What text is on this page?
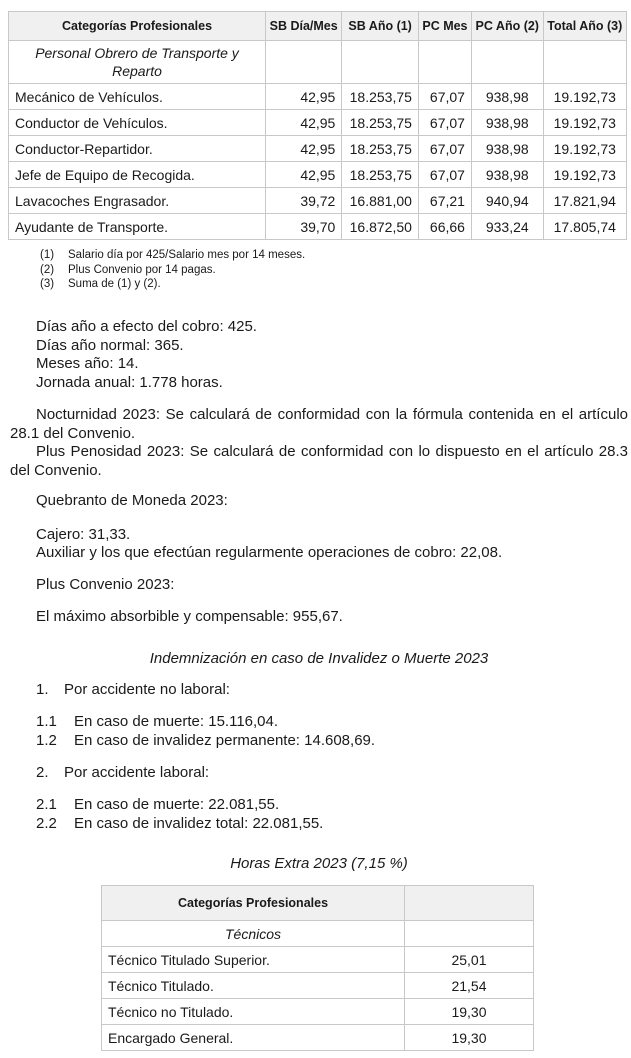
Categorías Profesionales	SB Día/Mes	SB Año (1)	PC Mes	PC Año (2)	Total Año (3)
Personal Obrero de Transporte y Reparto					
Mecánico de Vehículos.	42,95	18.253,75	67,07	938,98	19.192,73
Conductor de Vehículos.	42,95	18.253,75	67,07	938,98	19.192,73
Conductor-Repartidor.	42,95	18.253,75	67,07	938,98	19.192,73
Jefe de Equipo de Recogida.	42,95	18.253,75	67,07	938,98	19.192,73
Lavacoches Engrasador.	39,72	16.881,00	67,21	940,94	17.821,94
Ayudante de Transporte.	39,70	16.872,50	66,66	933,24	17.805,74
(1)	Salario día por 425/Salario mes por 14 meses.
(2)	Plus Convenio por 14 pagas.
(3)	Suma de (1) y (2).
Días año a efecto del cobro: 425.
Días año normal: 365.
Meses año: 14.
Jornada anual: 1.778 horas.
Nocturnidad 2023: Se calculará de conformidad con la fórmula contenida en el artículo 28.1 del Convenio.
Plus Penosidad 2023: Se calculará de conformidad con lo dispuesto en el artículo 28.3 del Convenio.
Quebranto de Moneda 2023:
Cajero: 31,33.
Auxiliar y los que efectúan regularmente operaciones de cobro: 22,08.
Plus Convenio 2023:
El máximo absorbible y compensable: 955,67.
Indemnización en caso de Invalidez o Muerte 2023
1.	Por accidente no laboral:
1.1	En caso de muerte: 15.116,04.
1.2	En caso de invalidez permanente: 14.608,69.
2.	Por accidente laboral:
2.1	En caso de muerte: 22.081,55.
2.2	En caso de invalidez total: 22.081,55.
Horas Extra 2023 (7,15 %)
Categorías Profesionales	
Técnicos	
Técnico Titulado Superior.	25,01
Técnico Titulado.	21,54
Técnico no Titulado.	19,30
Encargado General.	19,30
